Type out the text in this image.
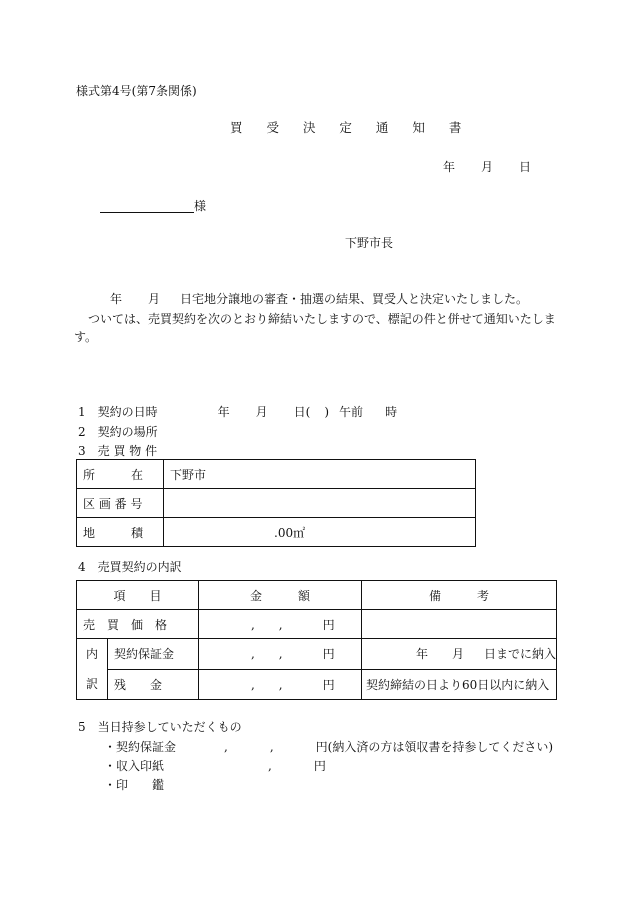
様式第4号(第7条関係)
買 受 決 定 通 知 書
年 月 日
様
下野市長
年 月 日宅地分譲地の審査・抽選の結果、買受人と決定いたしました。
ついては、売買契約を次のとおり締結いたしますので、標記の件と併せて通知いたしま
す。
1　契約の日時	年 月 日( ) 午前 時
2　契約の場所
3　売 買 物 件
所　　　在	下野市
区 画 番 号	
地　　　積	.00㎡
4　売買契約の内訳
項　　目		金　　　額	備　　　考
売　買　価　格		,　　, 円	
内
訳	契約保証金	,　　, 円	年 月 日までに納入
	残　　金	,　　, 円	契約締結の日より60日以内に納入
5　当日持参していただくもの
・契約保証金	,	,	円(納入済の方は領収書を持参してください)
・収入印紙	,	円
・印　　鑑
